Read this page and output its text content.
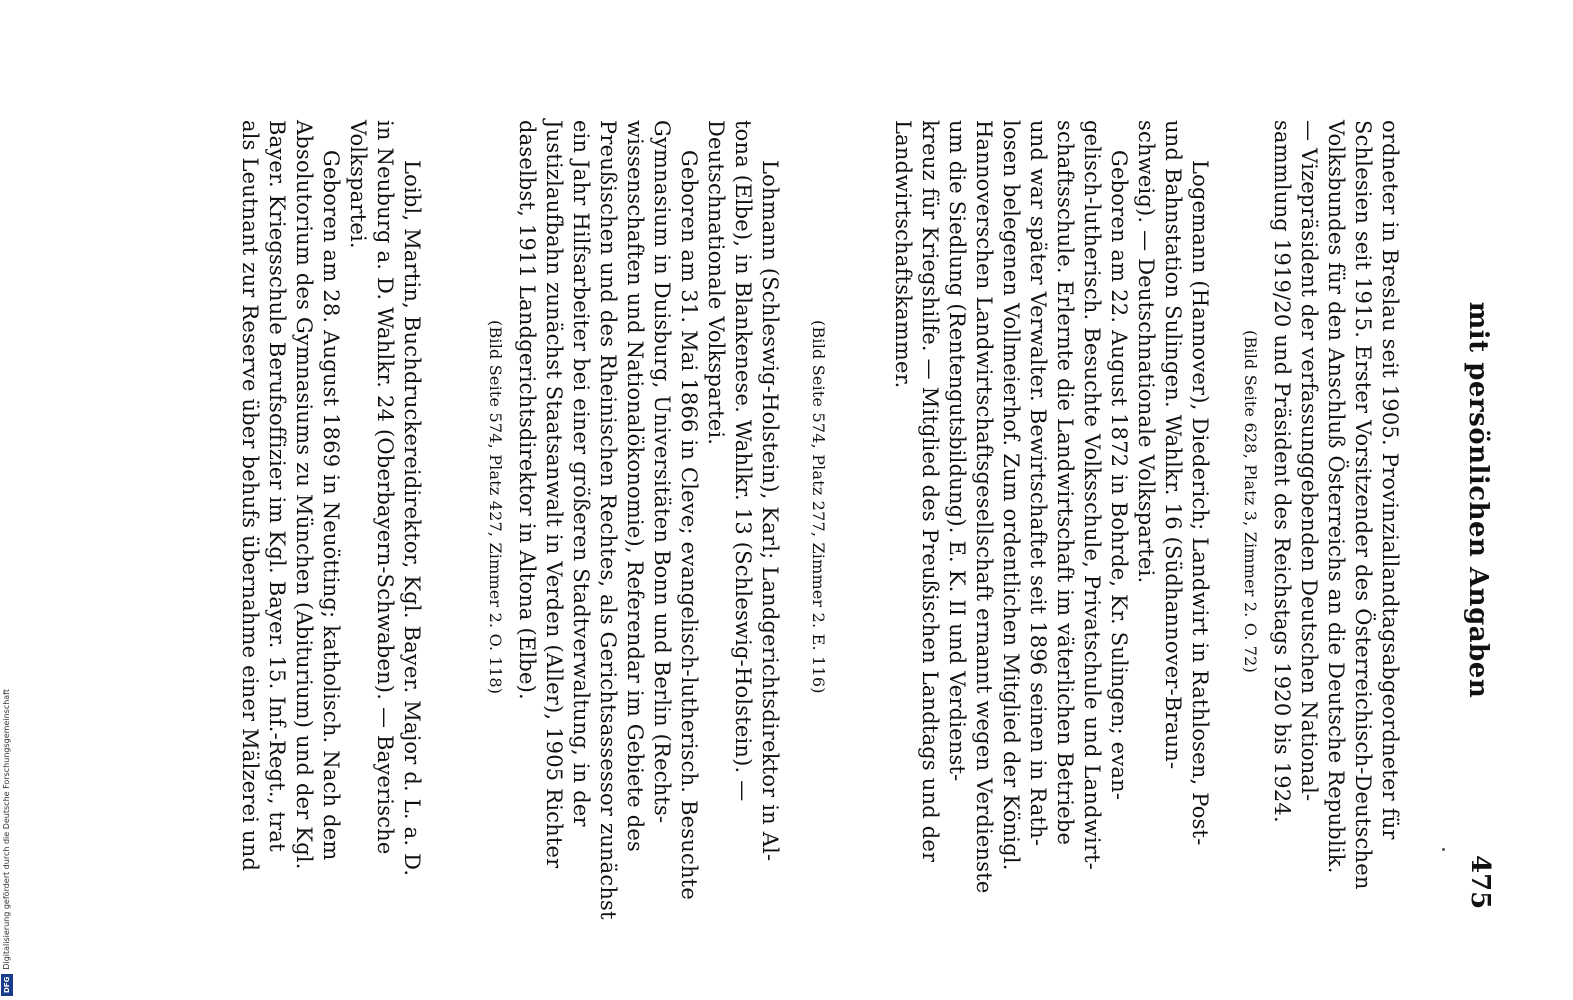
mit persönlichen Angaben
475
ordneter in Breslau seit 1905. Provinziallandtagsabgeordneter für
Schlesien seit 1915. Erster Vorsitzender des Österreichisch-Deutschen
Volksbundes für den Anschluß Österreichs an die Deutsche Republik.
— Vizepräsident der verfassunggebenden Deutschen National-
sammlung 1919/20 und Präsident des Reichstags 1920 bis 1924.
(Bild Seite 628, Platz 3, Zimmer 2. O. 72)
Logemann (Hannover), Diederich; Landwirt in Rathlosen, Post-
und Bahnstation Sulingen. Wahlkr. 16 (Südhannover-Braun-
schweig). — Deutschnationale Volkspartei.
Geboren am 22. August 1872 in Bohrde, Kr. Sulingen; evan-
gelisch-lutherisch. Besuchte Volksschule, Privatschule und Landwirt-
schaftsschule. Erlernte die Landwirtschaft im väterlichen Betriebe
und war später Verwalter. Bewirtschaftet seit 1896 seinen in Rath-
losen belegenen Vollmeierhof. Zum ordentlichen Mitglied der Königl.
Hannoverschen Landwirtschaftsgesellschaft ernannt wegen Verdienste
um die Siedlung (Rentengutsbildung). E. K. II und Verdienst-
kreuz für Kriegshilfe. — Mitglied des Preußischen Landtags und der
Landwirtschaftskammer.
(Bild Seite 574, Platz 277, Zimmer 2. E. 116)
Lohmann (Schleswig-Holstein), Karl; Landgerichtsdirektor in Al-
tona (Elbe), in Blankenese. Wahlkr. 13 (Schleswig-Holstein). —
Deutschnationale Volkspartei.
Geboren am 31. Mai 1866 in Cleve; evangelisch-lutherisch. Besuchte
Gymnasium in Duisburg, Universitäten Bonn und Berlin (Rechts-
wissenschaften und Nationalökonomie), Referendar im Gebiete des
Preußischen und des Rheinischen Rechtes, als Gerichtsassessor zunächst
ein Jahr Hilfsarbeiter bei einer größeren Stadtverwaltung, in der
Justizlaufbahn zunächst Staatsanwalt in Verden (Aller), 1905 Richter
daselbst, 1911 Landgerichtsdirektor in Altona (Elbe).
(Bild Seite 574, Platz 427, Zimmer 2. O. 118)
Loibl, Martin, Buchdruckereidirektor, Kgl. Bayer. Major d. L. a. D.
in Neuburg a. D. Wahlkr. 24 (Oberbayern-Schwaben). — Bayerische
Volkspartei.
Geboren am 28. August 1869 in Neuötting; katholisch. Nach dem
Absolutorium des Gymnasiums zu München (Abiturium) und der Kgl.
Bayer. Kriegsschule Berufsoffizier im Kgl. Bayer. 15. Inf.-Regt., trat
als Leutnant zur Reserve über behufs übernahme einer Mälzerei und
Digitalisierung gefördert durch die Deutsche Forschungsgemeinschaft
DFG
